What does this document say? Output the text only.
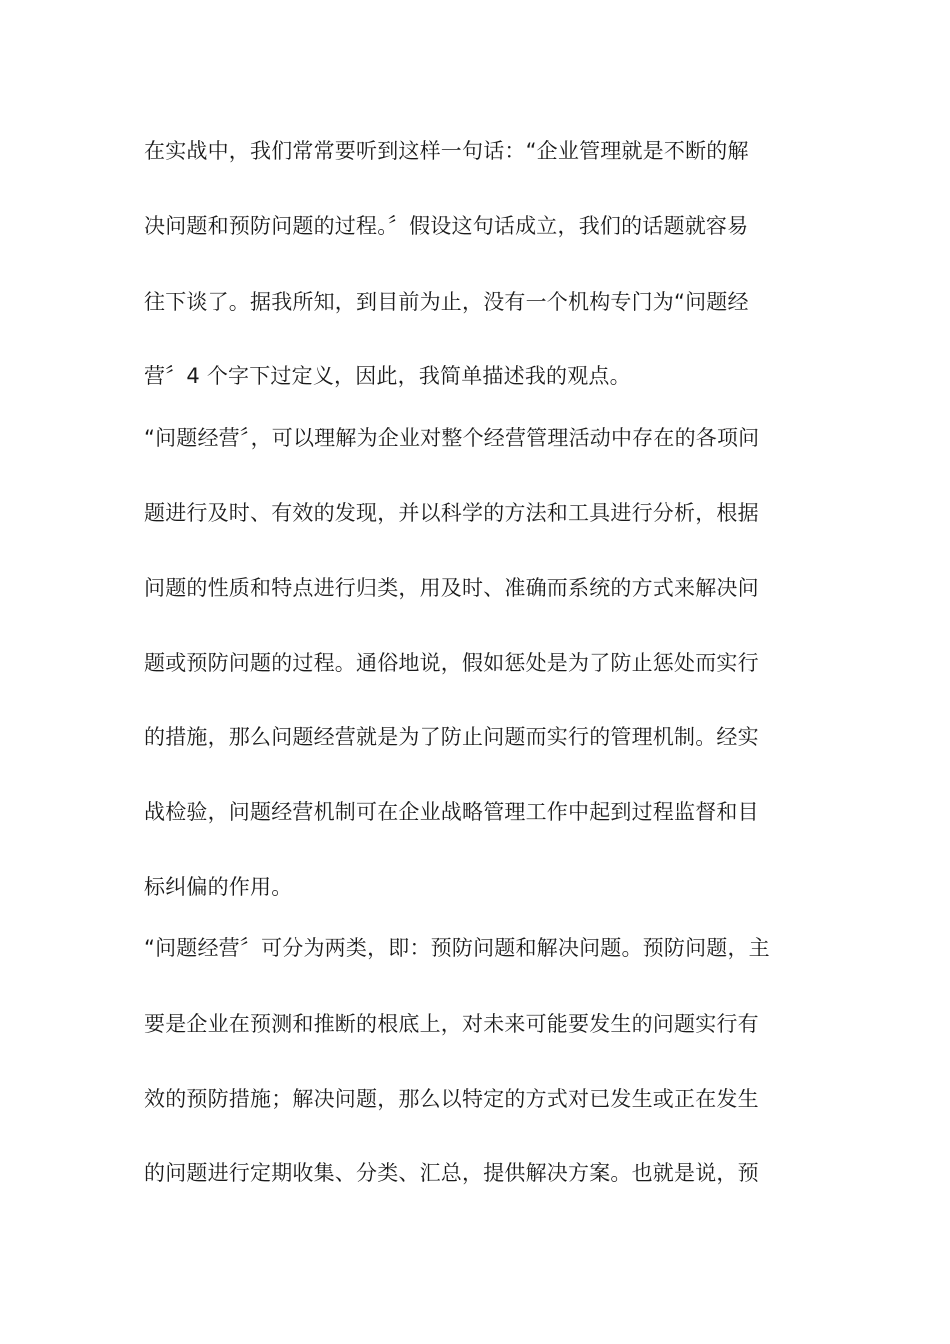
在实战中，我们常常要听到这样一句话：“企业管理就是不断的解
决问题和预防问题的过程。〞假设这句话成立，我们的话题就容易
往下谈了。据我所知，到目前为止，没有一个机构专门为“问题经
营〞4 个字下过定义，因此，我简单描述我的观点。
“问题经营〞，可以理解为企业对整个经营管理活动中存在的各项问
题进行及时、有效的发现，并以科学的方法和工具进行分析，根据
问题的性质和特点进行归类，用及时、准确而系统的方式来解决问
题或预防问题的过程。通俗地说，假如惩处是为了防止惩处而实行
的措施，那么问题经营就是为了防止问题而实行的管理机制。经实
战检验，问题经营机制可在企业战略管理工作中起到过程监督和目
标纠偏的作用。
“问题经营〞可分为两类，即：预防问题和解决问题。预防问题，主
要是企业在预测和推断的根底上，对未来可能要发生的问题实行有
效的预防措施；解决问题，那么以特定的方式对已发生或正在发生
的问题进行定期收集、分类、汇总，提供解决方案。也就是说，预
